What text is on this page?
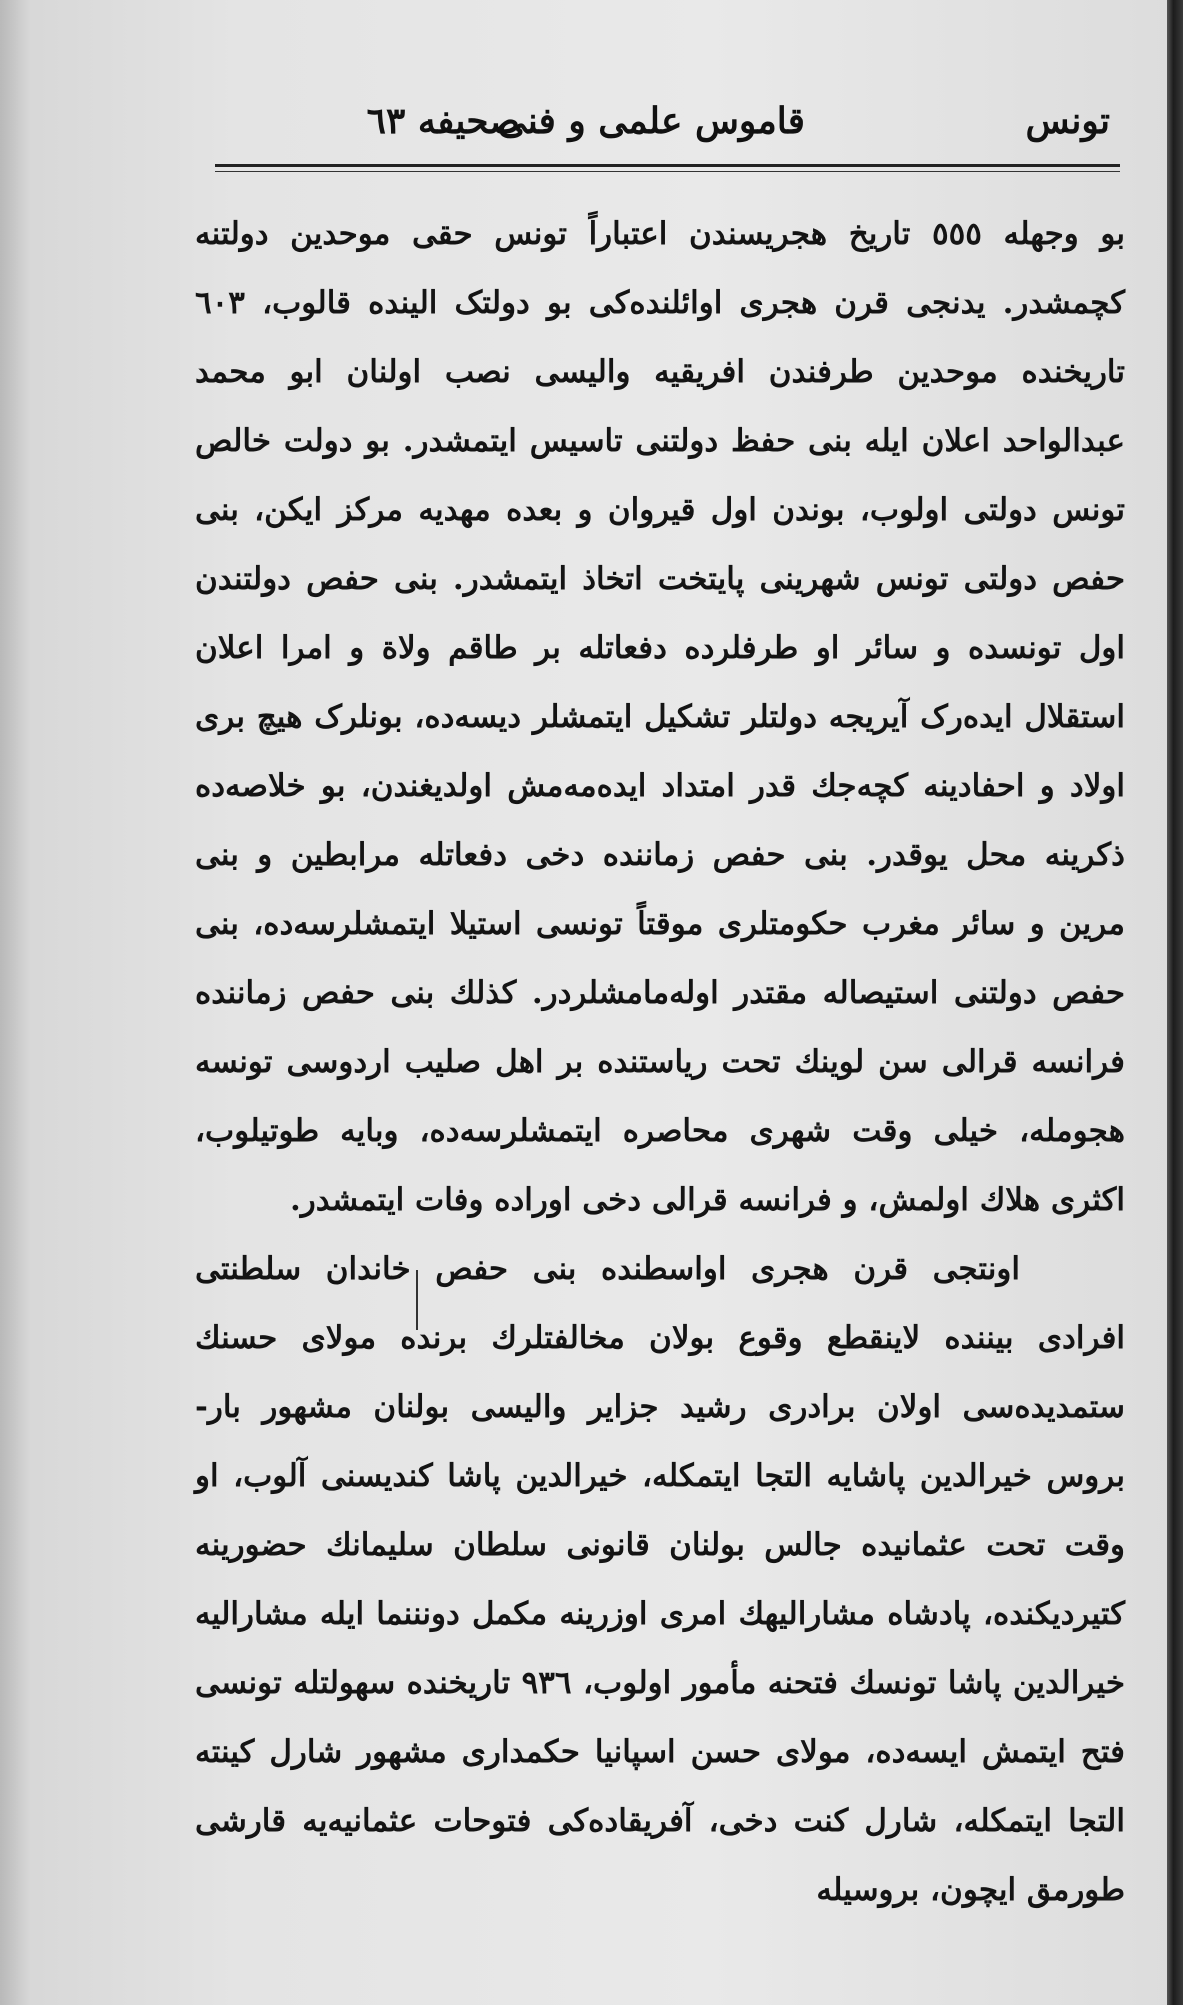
تونس
قاموس علمی و فنی
صحیفه ٦٣

بو وجهله ٥٥٥ تاریخ هجریسندن اعتباراً تونس حقی موحدین دولتنه کچمشدر. یدنجی قرن هجری اوائلنده‌کی بو دولتک الینده قالوب، ٦٠٣ تاریخنده موحدین طرفندن افریقیه والیسی نصب اولنان ابو محمد عبدالواحد اعلان ایله بنی حفظ دولتنی تاسیس ایتمشدر. بو دولت خالص تونس دولتی اولوب، بوندن اول قیروان و بعده مهدیه مرکز ایکن، بنی حفص دولتی تونس شهرینی پایتخت اتخاذ ایتمشدر. بنی حفص دولتندن اول تونسده و سائر او طرفلرده دفعاتله بر طاقم ولاة و امرا اعلان استقلال ایده‌رک آیریجه دولتلر تشکیل ایتمشلر دیسه‌ده، بونلرک هیچ بری اولاد و احفادینه کچه‌جك قدر امتداد ایده‌مه‌مش اولدیغندن، بو خلاصه‌ده ذکرینه محل یوقدر. بنی حفص زماننده دخی دفعاتله مرابطین و بنی مرین و سائر مغرب حکومتلری موقتاً تونسی استیلا ایتمشلرسه‌ده، بنی حفص دولتنی استیصاله مقتدر اوله‌مامشلردر. کذلك بنی حفص زماننده فرانسه قرالی سن لوینك تحت ریاستنده بر اهل صلیب اردوسی تونسه هجومله، خیلی وقت شهری محاصره ایتمشلرسه‌ده، وبایه طوتیلوب، اکثری هلاك اولمش، و فرانسه قرالی دخی اوراده وفات ایتمشدر.

اونتجی قرن هجری اواسطنده بنی حفص خاندان سلطنتی افرادی بیننده لاینقطع وقوع بولان مخالفتلرك برنده مولای حسنك ستمدیده‌سی اولان برادری رشید جزایر والیسی بولنان مشهور بار- بروس خیرالدین پاشایه التجا ایتمکله، خیرالدین پاشا کندیسنی آلوب، او وقت تحت عثمانیده جالس بولنان قانونی سلطان سلیمانك حضورینه کتیردیکنده، پادشاه مشارالیهك امری اوزرینه مکمل دونننما ایله مشارالیه خیرالدین پاشا تونسك فتحنه مأمور اولوب، ٩٣٦ تاریخنده سهولتله تونسی فتح ایتمش ایسه‌ده، مولای حسن اسپانیا حکمداری مشهور شارل کینته التجا ایتمکله، شارل کنت دخی، آفریقاده‌کی فتوحات عثمانیه‌یه قارشی طورمق ایچون، بروسیله
